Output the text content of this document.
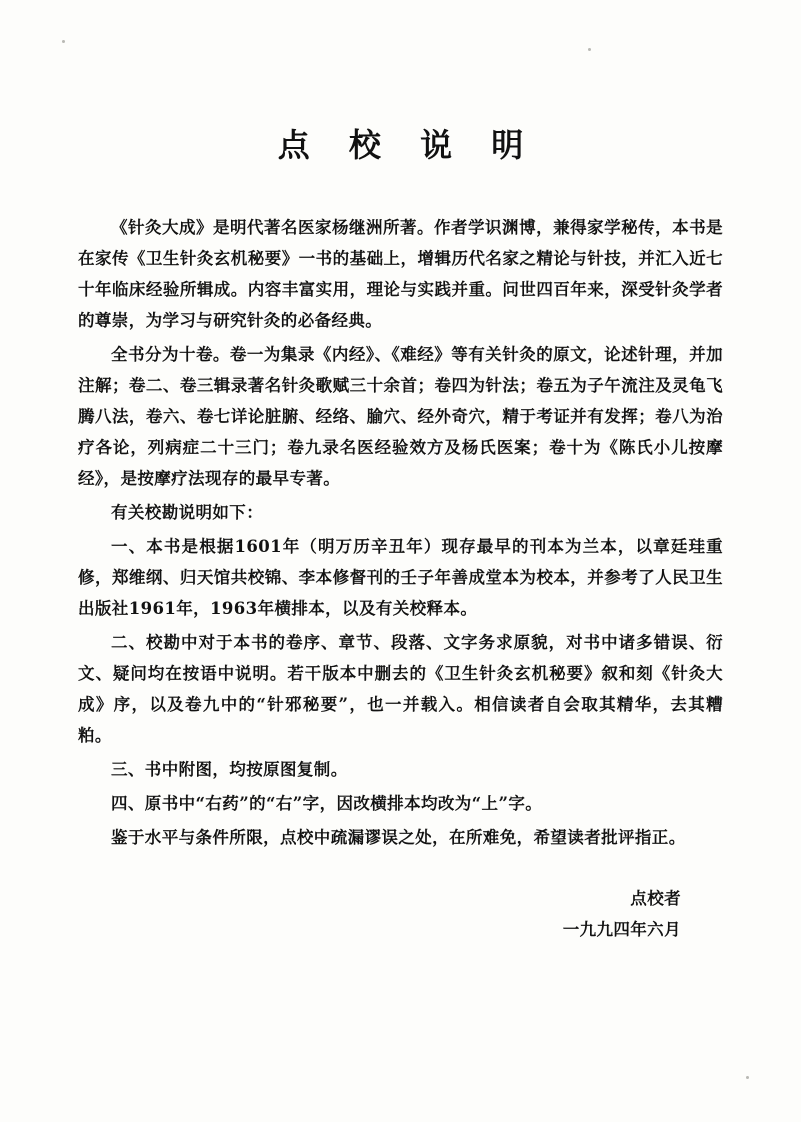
点 校 说 明

《针灸大成》是明代著名医家杨继洲所著。作者学识渊博，兼得家学秘传，本书是在家传《卫生针灸玄机秘要》一书的基础上，增辑历代名家之精论与针技，并汇入近七十年临床经验所辑成。内容丰富实用，理论与实践并重。问世四百年来，深受针灸学者的尊崇，为学习与研究针灸的必备经典。

全书分为十卷。卷一为集录《内经》、《难经》等有关针灸的原文，论述针理，并加注解；卷二、卷三辑录著名针灸歌赋三十余首；卷四为针法；卷五为子午流注及灵龟飞腾八法，卷六、卷七详论脏腑、经络、腧穴、经外奇穴，精于考证并有发挥；卷八为治疗各论，列病症二十三门；卷九录名医经验效方及杨氏医案；卷十为《陈氏小儿按摩经》，是按摩疗法现存的最早专著。

有关校勘说明如下：

一、本书是根据1601年（明万历辛丑年）现存最早的刊本为兰本，以章廷珪重修，郑维纲、归天馆共校锦、李本修督刊的壬子年善成堂本为校本，并参考了人民卫生出版社1961年，1963年横排本，以及有关校释本。

二、校勘中对于本书的卷序、章节、段落、文字务求原貌，对书中诸多错误、衍文、疑问均在按语中说明。若干版本中删去的《卫生针灸玄机秘要》叙和刻《针灸大成》序，以及卷九中的“针邪秘要”，也一并载入。相信读者自会取其精华，去其糟粕。

三、书中附图，均按原图复制。

四、原书中“右药”的“右”字，因改横排本均改为“上”字。

鉴于水平与条件所限，点校中疏漏谬误之处，在所难免，希望读者批评指正。

点校者
一九九四年六月
